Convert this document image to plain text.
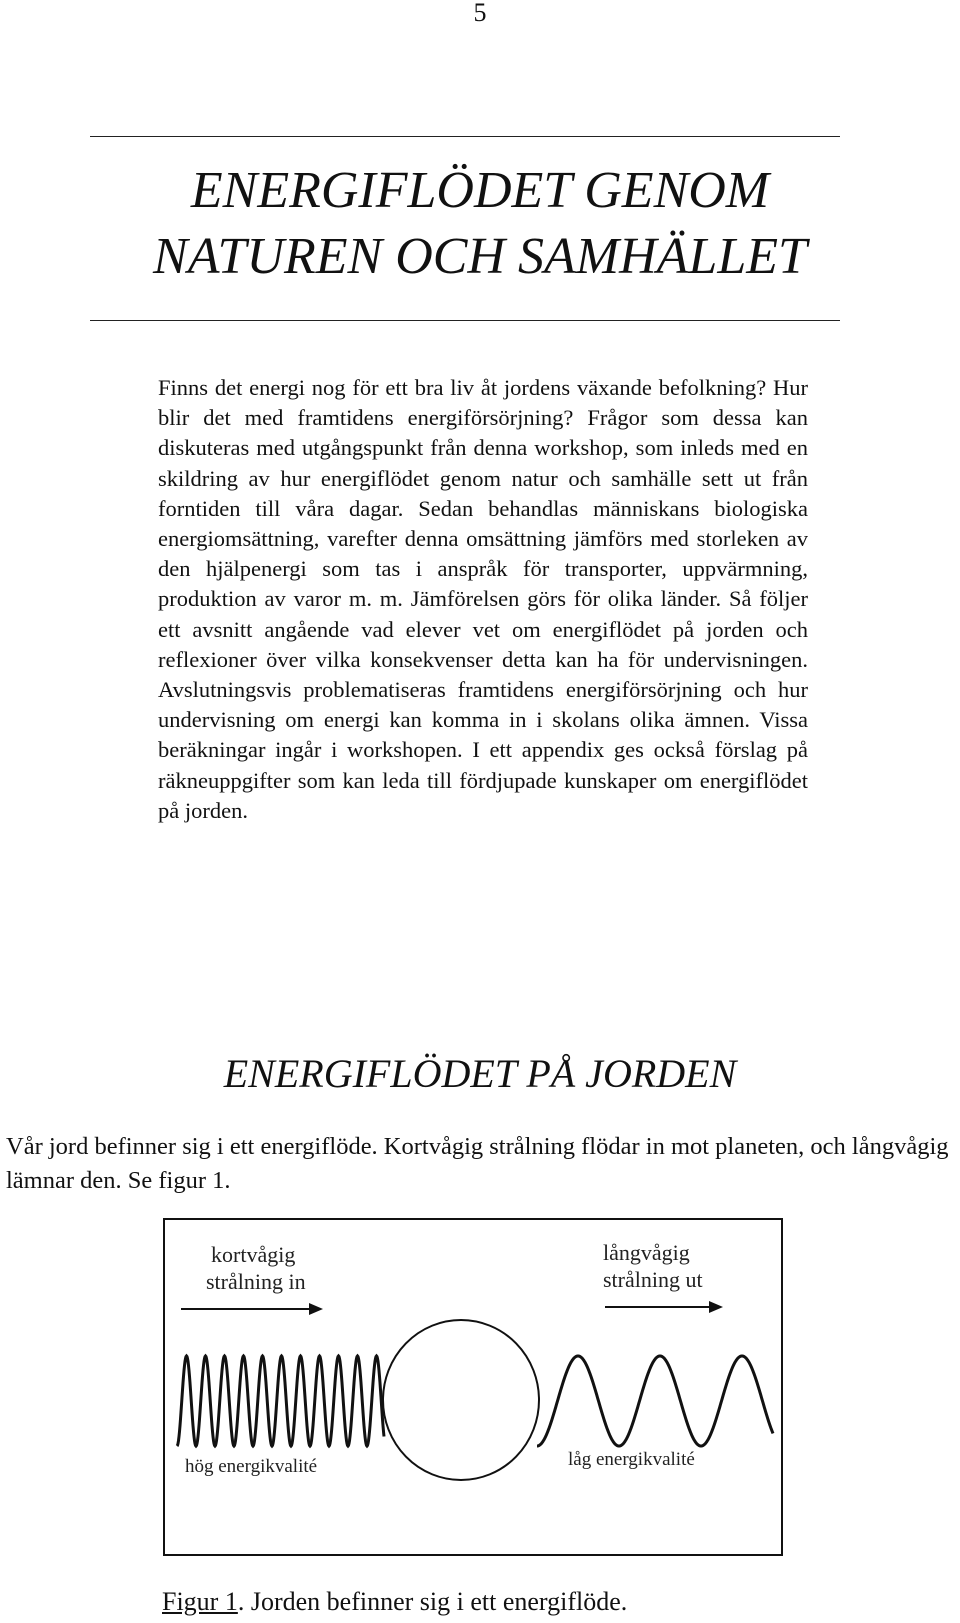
5
ENERGIFLÖDET GENOM
NATUREN OCH SAMHÄLLET

Finns det energi nog för ett bra liv åt jordens växande befolkning? Hur blir det med framtidens energiförsörjning? Frågor som dessa kan diskuteras med utgångspunkt från denna workshop, som inleds med en skildring av hur energiflödet genom natur och samhälle sett ut från forntiden till våra dagar. Sedan behandlas människans biologiska energiomsättning, varefter denna omsättning jämförs med storleken av den hjälpenergi som tas i anspråk för transporter, uppvärmning, produktion av varor m. m. Jämförelsen görs för olika länder. Så följer ett avsnitt angående vad elever vet om energiflödet på jorden och reflexioner över vilka konsekvenser detta kan ha för undervisningen. Avslutningsvis problematiseras framtidens energiförsörjning och hur undervisning om energi kan komma in i skolans olika ämnen. Vissa beräkningar ingår i workshopen. I ett appendix ges också förslag på räkneuppgifter som kan leda till fördjupade kunskaper om energiflödet på jorden.

ENERGIFLÖDET PÅ JORDEN

Vår jord befinner sig i ett energiflöde. Kortvågig strålning flödar in mot planeten, och långvågig lämnar den. Se figur 1.

kortvågig
strålning in
långvågig
strålning ut
hög energikvalité	låg energikvalité
Figur 1. Jorden befinner sig i ett energiflöde.
